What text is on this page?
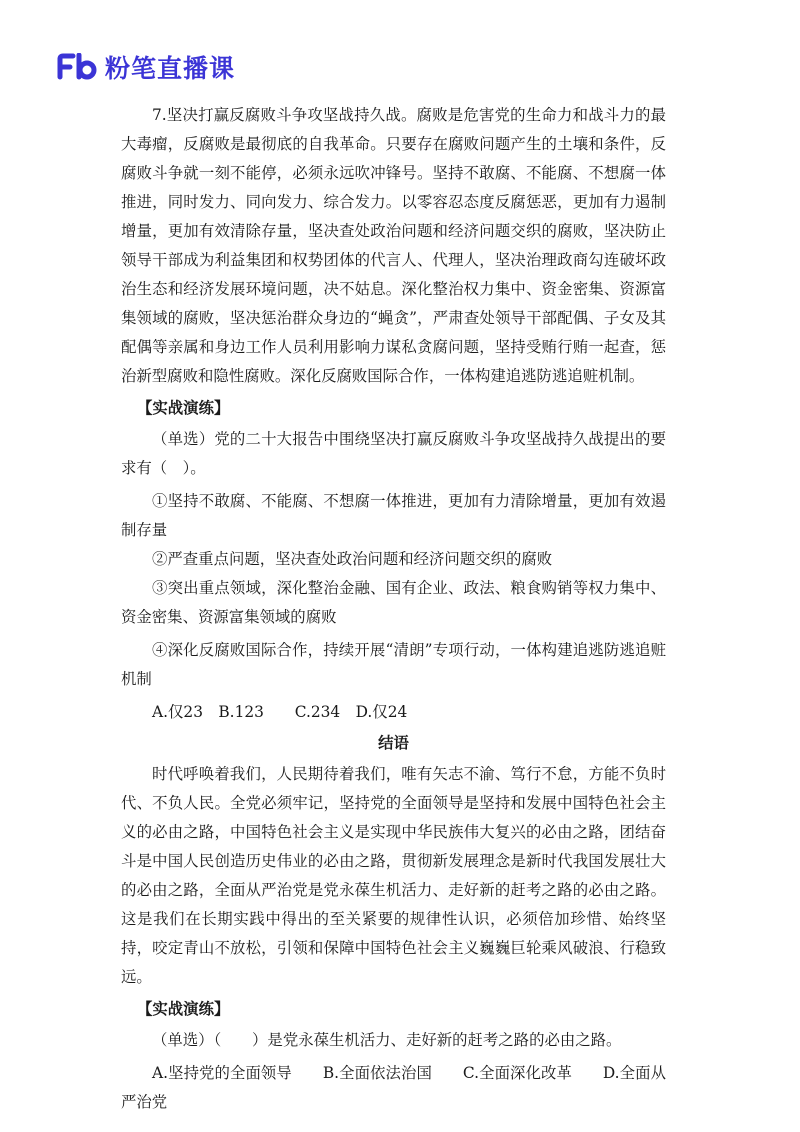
粉笔直播课

7.坚决打赢反腐败斗争攻坚战持久战。腐败是危害党的生命力和战斗力的最大毒瘤，反腐败是最彻底的自我革命。只要存在腐败问题产生的土壤和条件，反腐败斗争就一刻不能停，必须永远吹冲锋号。坚持不敢腐、不能腐、不想腐一体推进，同时发力、同向发力、综合发力。以零容忍态度反腐惩恶，更加有力遏制增量，更加有效清除存量，坚决查处政治问题和经济问题交织的腐败，坚决防止领导干部成为利益集团和权势团体的代言人、代理人，坚决治理政商勾连破坏政治生态和经济发展环境问题，决不姑息。深化整治权力集中、资金密集、资源富集领域的腐败，坚决惩治群众身边的“蝇贪”，严肃查处领导干部配偶、子女及其配偶等亲属和身边工作人员利用影响力谋私贪腐问题，坚持受贿行贿一起查，惩治新型腐败和隐性腐败。深化反腐败国际合作，一体构建追逃防逃追赃机制。

【实战演练】

（单选）党的二十大报告中围绕坚决打赢反腐败斗争攻坚战持久战提出的要求有（　）。

①坚持不敢腐、不能腐、不想腐一体推进，更加有力清除增量，更加有效遏制存量

②严查重点问题，坚决查处政治问题和经济问题交织的腐败

③突出重点领域，深化整治金融、国有企业、政法、粮食购销等权力集中、资金密集、资源富集领域的腐败

④深化反腐败国际合作，持续开展“清朗”专项行动，一体构建追逃防逃追赃机制

A.仅23　B.123　　C.234　D.仅24

结语

时代呼唤着我们，人民期待着我们，唯有矢志不渝、笃行不怠，方能不负时代、不负人民。全党必须牢记，坚持党的全面领导是坚持和发展中国特色社会主义的必由之路，中国特色社会主义是实现中华民族伟大复兴的必由之路，团结奋斗是中国人民创造历史伟业的必由之路，贯彻新发展理念是新时代我国发展壮大的必由之路，全面从严治党是党永葆生机活力、走好新的赶考之路的必由之路。这是我们在长期实践中得出的至关紧要的规律性认识，必须倍加珍惜、始终坚持，咬定青山不放松，引领和保障中国特色社会主义巍巍巨轮乘风破浪、行稳致远。

【实战演练】

（单选）（　　）是党永葆生机活力、走好新的赶考之路的必由之路。

A.坚持党的全面领导　　B.全面依法治国　　C.全面深化改革　　D.全面从严治党
